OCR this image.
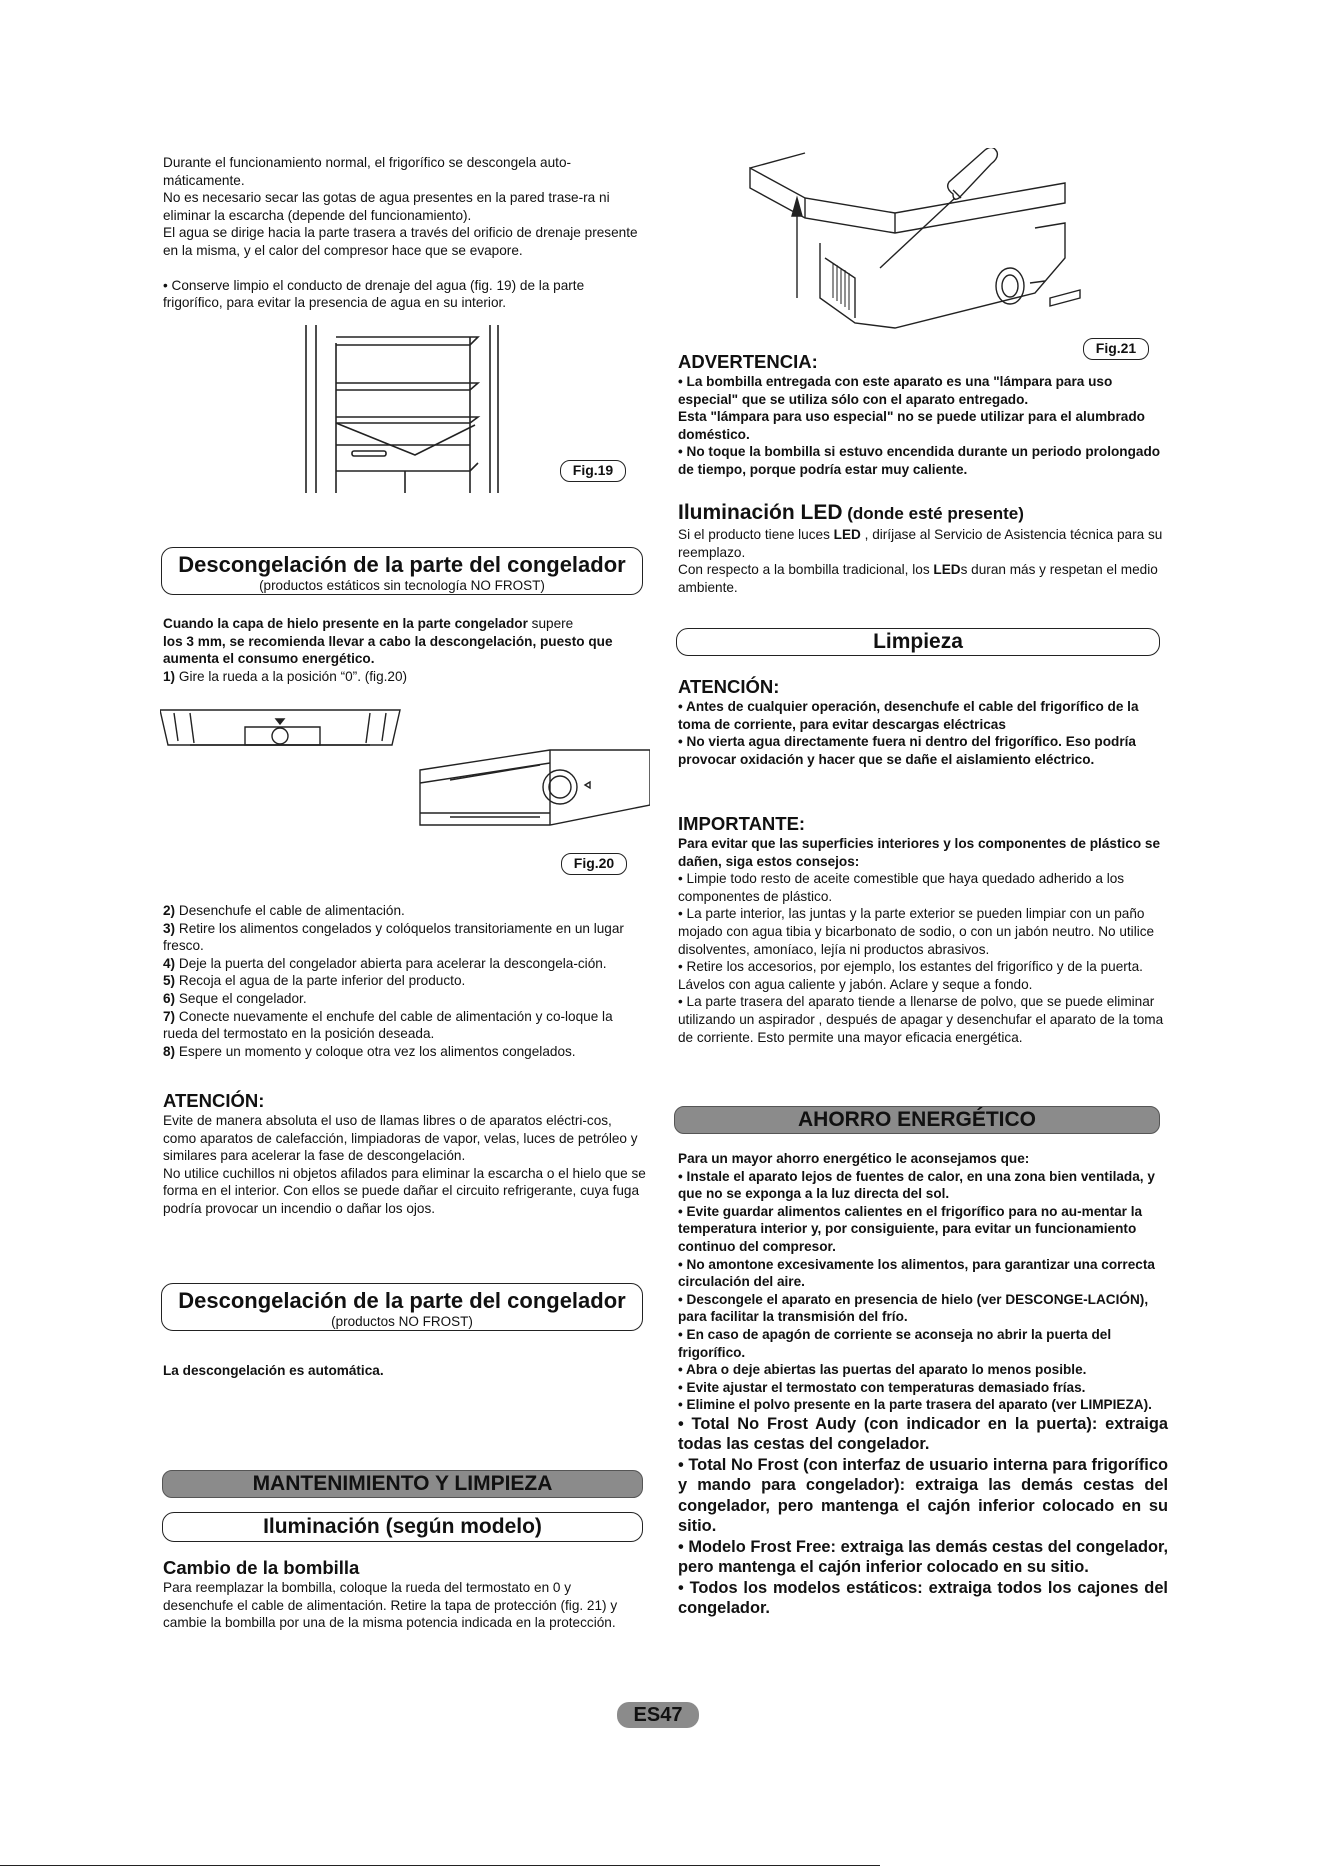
Durante el funcionamiento normal, el frigorífico se descongela auto-máticamente.

No es necesario secar las gotas de agua presentes en la pared trase-ra ni eliminar la escarcha (depende del funcionamiento).

El agua se dirige hacia la parte trasera a través del orificio de drenaje presente en la misma, y el calor del compresor hace que se evapore.

• Conserve limpio el conducto de drenaje del agua (fig. 19) de la parte frigorífico, para evitar la presencia de agua en su interior.

Fig.19
Descongelación de la parte del congelador
(productos estáticos sin tecnología NO FROST)

Cuando la capa de hielo presente en la parte congelador supere
los 3 mm, se recomienda llevar a cabo la descongelación, puesto que aumenta el consumo energético.

1) Gire la rueda a la posición “0”. (fig.20)

Fig.20

2) Desenchufe el cable de alimentación.

3) Retire los alimentos congelados y colóquelos transitoriamente en un lugar fresco.

4) Deje la puerta del congelador abierta para acelerar la descongela-ción.

5) Recoja el agua de la parte inferior del producto.

6) Seque el congelador.

7) Conecte nuevamente el enchufe del cable de alimentación y co-loque la rueda del termostato en la posición deseada.

8) Espere un momento y coloque otra vez los alimentos congelados.

ATENCIÓN:

Evite de manera absoluta el uso de llamas libres o de aparatos eléctri-cos, como aparatos de calefacción, limpiadoras de vapor, velas, luces de petróleo y similares para acelerar la fase de descongelación.

No utilice cuchillos ni objetos afilados para eliminar la escarcha o el hielo que se forma en el interior. Con ellos se puede dañar el circuito refrigerante, cuya fuga podría provocar un incendio o dañar los ojos.

Descongelación de la parte del congelador
(productos NO FROST)
La descongelación es automática.
MANTENIMIENTO Y LIMPIEZA
Iluminación (según modelo)
Cambio de la bombilla
Para reemplazar la bombilla, coloque la rueda del termostato en 0 y desenchufe el cable de alimentación. Retire la tapa de protección (fig. 21) y cambie la bombilla por una de la misma potencia indicada en la protección.
Fig.21
ADVERTENCIA:

• La bombilla entregada con este aparato es una "lámpara para uso especial" que se utiliza sólo con el aparato entregado.

Esta "lámpara para uso especial" no se puede utilizar para el alumbrado doméstico.

• No toque la bombilla si estuvo encendida durante un periodo prolongado de tiempo, porque podría estar muy caliente.

Iluminación LED (donde esté presente)

Si el producto tiene luces LED , diríjase al Servicio de Asistencia técnica para su reemplazo.

Con respecto a la bombilla tradicional, los LEDs duran más y respetan el medio ambiente.

Limpieza
ATENCIÓN:

• Antes de cualquier operación, desenchufe el cable del frigorífico de la toma de corriente, para evitar descargas eléctricas

• No vierta agua directamente fuera ni dentro del frigorífico. Eso podría provocar oxidación y hacer que se dañe el aislamiento eléctrico.

IMPORTANTE:

Para evitar que las superficies interiores y los componentes de plástico se dañen, siga estos consejos:

• Limpie todo resto de aceite comestible que haya quedado adherido a los componentes de plástico.

• La parte interior, las juntas y la parte exterior se pueden limpiar con un paño mojado con agua tibia y bicarbonato de sodio, o con un jabón neutro. No utilice disolventes, amoníaco, lejía ni productos abrasivos.

• Retire los accesorios, por ejemplo, los estantes del frigorífico y de la puerta. Lávelos con agua caliente y jabón. Aclare y seque a fondo.

• La parte trasera del aparato tiende a llenarse de polvo, que se puede eliminar utilizando un aspirador , después de apagar y desenchufar el aparato de la toma de corriente. Esto permite una mayor eficacia energética.

AHORRO ENERGÉTICO

Para un mayor ahorro energético le aconsejamos que:

• Instale el aparato lejos de fuentes de calor, en una zona bien ventilada, y que no se exponga a la luz directa del sol.

• Evite guardar alimentos calientes en el frigorífico para no au-mentar la temperatura interior y, por consiguiente, para evitar un funcionamiento continuo del compresor.

• No amontone excesivamente los alimentos, para garantizar una correcta circulación del aire.

• Descongele el aparato en presencia de hielo (ver DESCONGE-LACIÓN), para facilitar la transmisión del frío.

• En caso de apagón de corriente se aconseja no abrir la puerta del frigorífico.

• Abra o deje abiertas las puertas del aparato lo menos posible.

• Evite ajustar el termostato con temperaturas demasiado frías.

• Elimine el polvo presente en la parte trasera del aparato (ver LIMPIEZA).

• Total No Frost Audy (con indicador en la puerta): extraiga todas las cestas del congelador.

• Total No Frost (con interfaz de usuario interna para frigorífico y mando para congelador): extraiga las demás cestas del congelador, pero mantenga el cajón inferior colocado en su sitio.

• Modelo Frost Free: extraiga las demás cestas del congelador, pero mantenga el cajón inferior colocado en su sitio.

• Todos los modelos estáticos: extraiga todos los cajones del congelador.

ES47
